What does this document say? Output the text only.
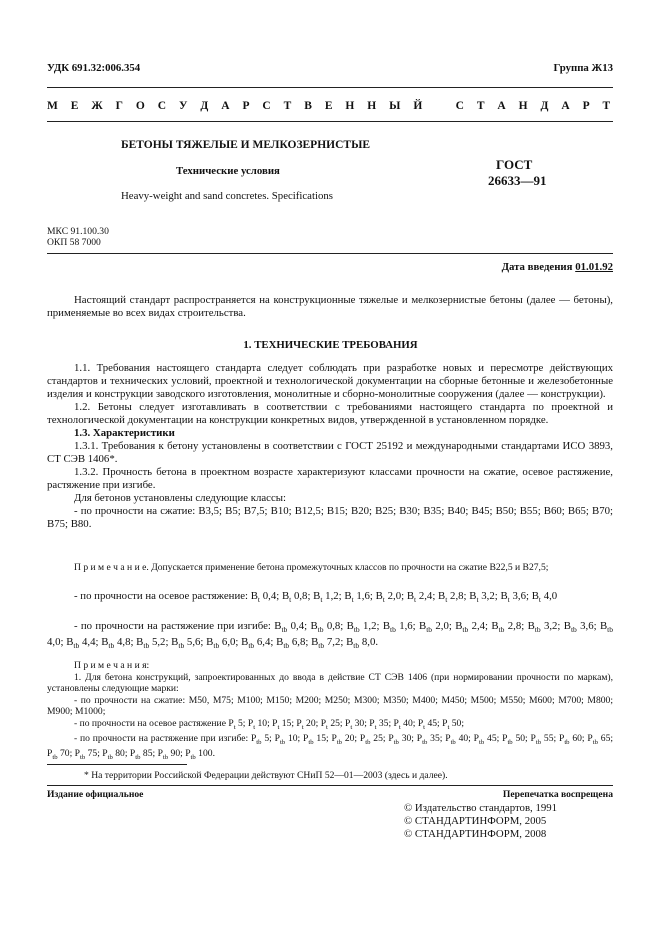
УДК 691.32:006.354	Группа Ж13
М Е Ж Г О С У Д А Р С Т В Е Н Н Ы Й   С Т А Н Д А Р Т
БЕТОНЫ ТЯЖЕЛЫЕ И МЕЛКОЗЕРНИСТЫЕ
Технические условия
Heavy-weight and sand concretes. Specifications
ГОСТ
26633—91
МКС 91.100.30
ОКП 58 7000
Дата введения 01.01.92
Настоящий стандарт распространяется на конструкционные тяжелые и мелкозернистые бетоны (далее — бетоны), применяемые во всех видах строительства.
1. ТЕХНИЧЕСКИЕ ТРЕБОВАНИЯ
1.1. Требования настоящего стандарта следует соблюдать при разработке новых и пересмотре действующих стандартов и технических условий, проектной и технологической документации на сборные бетонные и железобетонные изделия и конструкции заводского изготовления, монолитные и сборно-монолитные сооружения (далее — конструкции).
1.2. Бетоны следует изготавливать в соответствии с требованиями настоящего стандарта по проектной и технологической документации на конструкции конкретных видов, утвержденной в установленном порядке.
1.3. Характеристики
1.3.1. Требования к бетону установлены в соответствии с ГОСТ 25192 и международными стандартами ИСО 3893, СТ СЭВ 1406*.
1.3.2. Прочность бетона в проектном возрасте характеризуют классами прочности на сжатие, осевое растяжение, растяжение при изгибе.
Для бетонов установлены следующие классы:
- по прочности на сжатие: B3,5; B5; B7,5; B10; B12,5; B15; B20; B25; B30; B35; B40; B45; B50; B55; B60; B65; B70; B75; B80.
П р и м е ч а н и е. Допускается применение бетона промежуточных классов по прочности на сжатие B22,5 и B27,5;
- по прочности на осевое растяжение: $B_t$ 0,4; $B_t$ 0,8; $B_t$ 1,2; $B_t$ 1,6; $B_t$ 2,0; $B_t$ 2,4; $B_t$ 2,8; $B_t$ 3,2; $B_t$ 3,6; $B_t$ 4,0
- по прочности на растяжение при изгибе: $B_{tb}$ 0,4; $B_{tb}$ 0,8; $B_{tb}$ 1,2; $B_{tb}$ 1,6; $B_{tb}$ 2,0; $B_{tb}$ 2,4; $B_{tb}$ 2,8; $B_{tb}$ 3,2; $B_{tb}$ 3,6; $B_{tb}$ 4,0; $B_{tb}$ 4,4; $B_{tb}$ 4,8; $B_{tb}$ 5,2; $B_{tb}$ 5,6; $B_{tb}$ 6,0; $B_{tb}$ 6,4; $B_{tb}$ 6,8; $B_{tb}$ 7,2; $B_{tb}$ 8,0.
П р и м е ч а н и я:
1. Для бетона конструкций, запроектированных до ввода в действие СТ СЭВ 1406 (при нормировании прочности по маркам), установлены следующие марки:
- по прочности на сжатие: M50, M75; M100; M150; M200; M250; M300; M350; M400; M450; M500; M550; M600; M700; M800; M900; M1000;
- по прочности на осевое растяжение $P_t$ 5; $P_t$ 10; $P_t$ 15; $P_t$ 20; $P_t$ 25; $P_t$ 30; $P_t$ 35; $P_t$ 40; $P_t$ 45; $P_t$ 50;
- по прочности на растяжение при изгибе: $P_{tb}$ 5; $P_{tb}$ 10; $P_{tb}$ 15; $P_{tb}$ 20; $P_{tb}$ 25; $P_{tb}$ 30; $P_{tb}$ 35; $P_{tb}$ 40; $P_{tb}$ 45; $P_{tb}$ 50; $P_{tb}$ 55; $P_{tb}$ 60; $P_{tb}$ 65; $P_{tb}$ 70; $P_{tb}$ 75; $P_{tb}$ 80; $P_{tb}$ 85; $P_{tb}$ 90; $P_{tb}$ 100.
* На территории Российской Федерации действуют СНиП 52—01—2003 (здесь и далее).
Издание официальное	Перепечатка воспрещена
© Издательство стандартов, 1991
© СТАНДАРТИНФОРМ, 2005
© СТАНДАРТИНФОРМ, 2008
